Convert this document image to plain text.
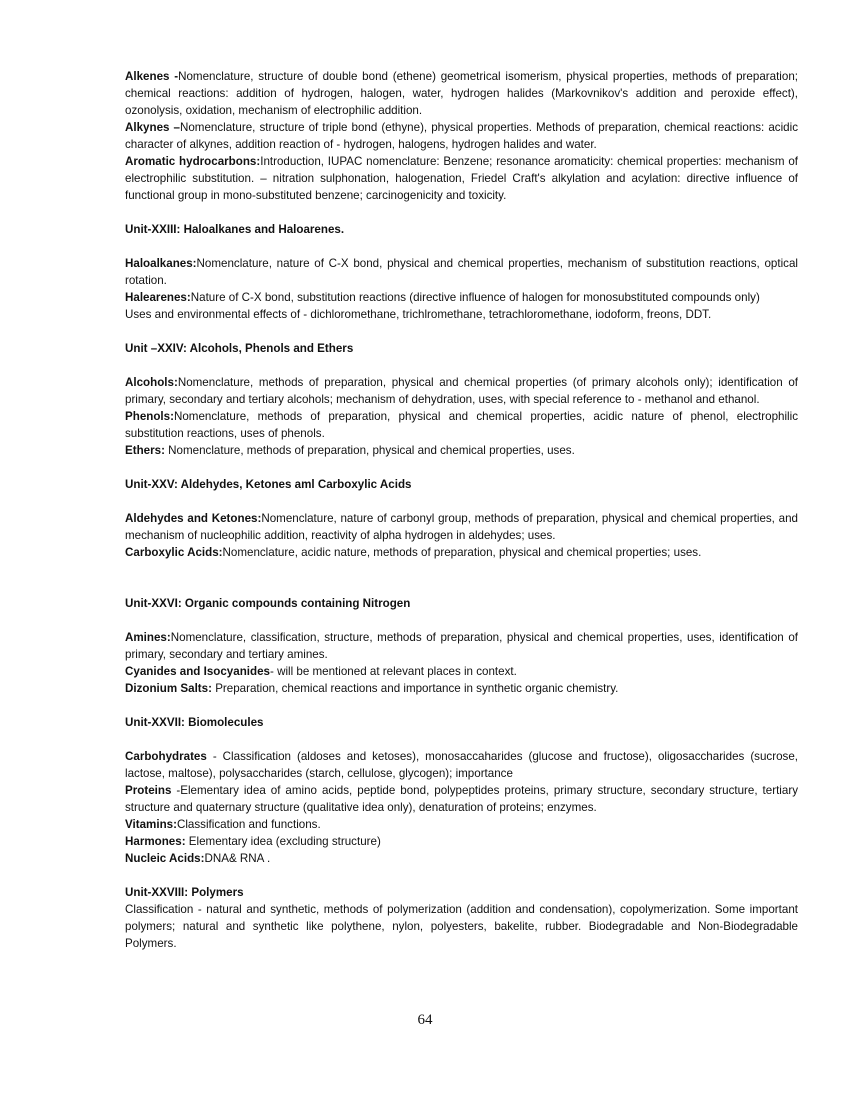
Alkenes -Nomenclature, structure of double bond (ethene) geometrical isomerism, physical properties, methods of preparation; chemical reactions: addition of hydrogen, halogen, water, hydrogen halides (Markovnikov's addition and peroxide effect), ozonolysis, oxidation, mechanism of electrophilic addition.

Alkynes –Nomenclature, structure of triple bond (ethyne), physical properties. Methods of preparation, chemical reactions: acidic character of alkynes, addition reaction of - hydrogen, halogens, hydrogen halides and water.

Aromatic hydrocarbons:Introduction, IUPAC nomenclature: Benzene; resonance aromaticity: chemical properties: mechanism of electrophilic substitution. – nitration sulphonation, halogenation, Friedel Craft's alkylation and acylation: directive influence of functional group in mono-substituted benzene; carcinogenicity and toxicity.

Unit-XXIII: Haloalkanes and Haloarenes.

Haloalkanes:Nomenclature, nature of C-X bond, physical and chemical properties, mechanism of substitution reactions, optical rotation.

Halearenes:Nature of C-X bond, substitution reactions (directive influence of halogen for monosubstituted compounds only)

Uses and environmental effects of - dichloromethane, trichlromethane, tetrachloromethane, iodoform, freons, DDT.

Unit –XXIV: Alcohols, Phenols and Ethers

Alcohols:Nomenclature, methods of preparation, physical and chemical properties (of primary alcohols only); identification of primary, secondary and tertiary alcohols; mechanism of dehydration, uses, with special reference to - methanol and ethanol.

Phenols:Nomenclature, methods of preparation, physical and chemical properties, acidic nature of phenol, electrophilic substitution reactions, uses of phenols.

Ethers: Nomenclature, methods of preparation, physical and chemical properties, uses.

Unit-XXV: Aldehydes, Ketones aml Carboxylic Acids

Aldehydes and Ketones:Nomenclature, nature of carbonyl group, methods of preparation, physical and chemical properties, and mechanism of nucleophilic addition, reactivity of alpha hydrogen in aldehydes; uses.

Carboxylic Acids:Nomenclature, acidic nature, methods of preparation, physical and chemical properties; uses.

Unit-XXVI: Organic compounds containing Nitrogen

Amines:Nomenclature, classification, structure, methods of preparation, physical and chemical properties, uses, identification of primary, secondary and tertiary amines.

Cyanides and Isocyanides- will be mentioned at relevant places in context.

Dizonium Salts: Preparation, chemical reactions and importance in synthetic organic chemistry.

Unit-XXVII: Biomolecules

Carbohydrates - Classification (aldoses and ketoses), monosaccaharides (glucose and fructose), oligosaccharides (sucrose, lactose, maltose), polysaccharides (starch, cellulose, glycogen); importance

Proteins -Elementary idea of amino acids, peptide bond, polypeptides proteins, primary structure, secondary structure, tertiary structure and quaternary structure (qualitative idea only), denaturation of proteins; enzymes.

Vitamins:Classification and functions.

Harmones: Elementary idea (excluding structure)

Nucleic Acids:DNA& RNA .

Unit-XXVIII: Polymers

Classification - natural and synthetic, methods of polymerization (addition and condensation), copolymerization. Some important polymers; natural and synthetic like polythene, nylon, polyesters, bakelite, rubber. Biodegradable and Non-Biodegradable Polymers.

64
